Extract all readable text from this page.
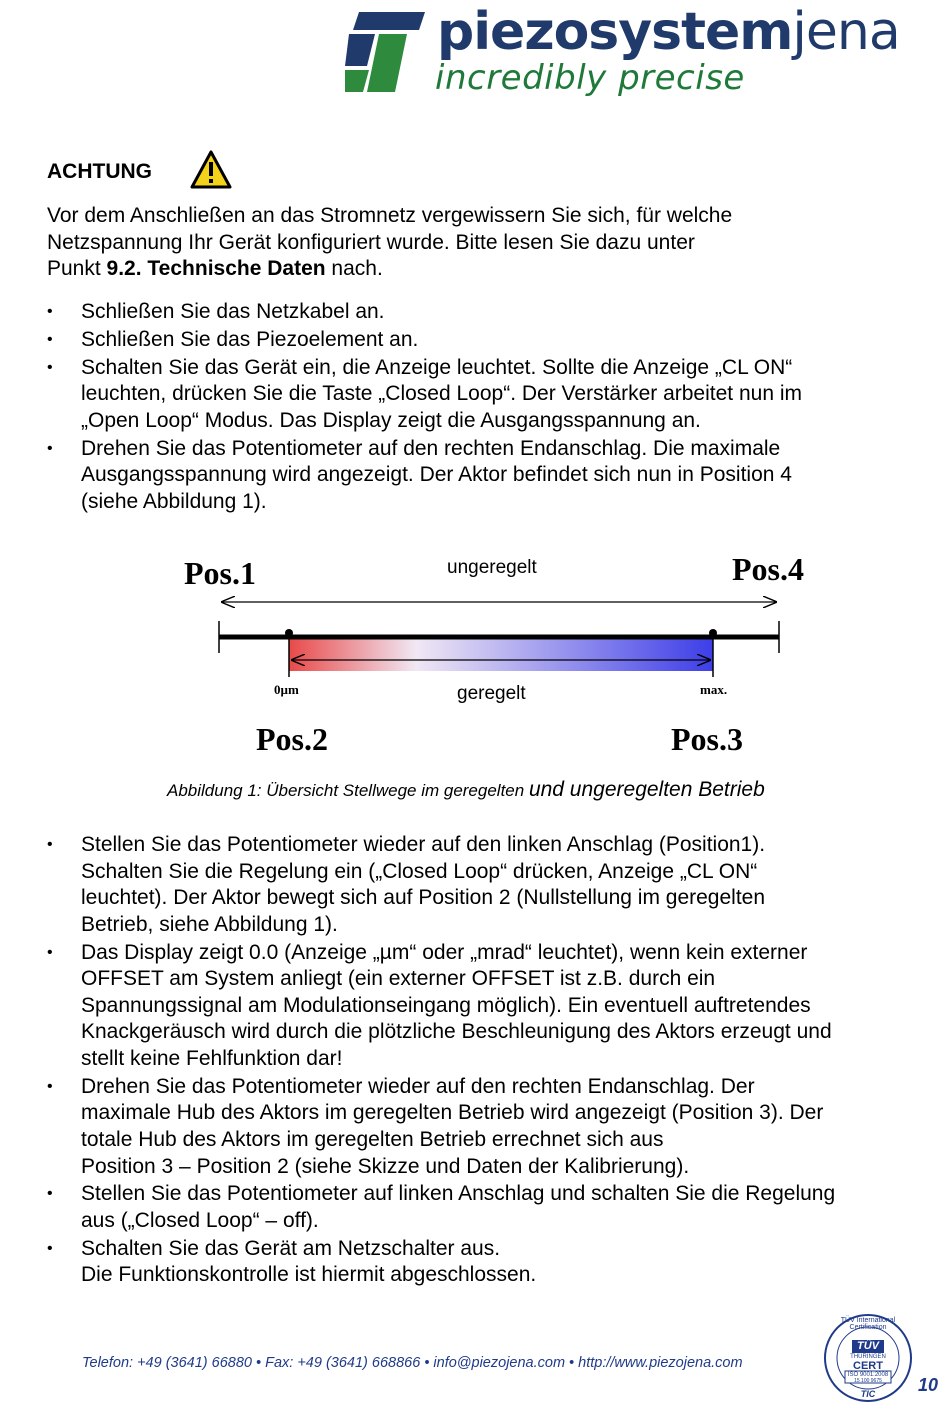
piezosystemjena
incredibly precise
ACHTUNG
Vor dem Anschließen an das Stromnetz vergewissern Sie sich, für welche
Netzspannung Ihr Gerät konfiguriert wurde. Bitte lesen Sie dazu unter
Punkt 9.2. Technische Daten nach.
• Schließen Sie das Netzkabel an.
• Schließen Sie das Piezoelement an.
• Schalten Sie das Gerät ein, die Anzeige leuchtet. Sollte die Anzeige „CL ON“
leuchten, drücken Sie die Taste „Closed Loop“. Der Verstärker arbeitet nun im
„Open Loop“ Modus. Das Display zeigt die Ausgangsspannung an.
• Drehen Sie das Potentiometer auf den rechten Endanschlag. Die maximale
Ausgangsspannung wird angezeigt. Der Aktor befindet sich nun in Position 4
(siehe Abbildung 1).
Pos.1	Pos.4
Pos.2	Pos.3
ungeregelt
geregelt
0µm	max.
Abbildung 1: Übersicht Stellwege im geregelten und ungeregelten Betrieb
• Stellen Sie das Potentiometer wieder auf den linken Anschlag (Position1).
Schalten Sie die Regelung ein („Closed Loop“ drücken, Anzeige „CL ON“
leuchtet). Der Aktor bewegt sich auf Position 2 (Nullstellung im geregelten
Betrieb, siehe Abbildung 1).
• Das Display zeigt 0.0 (Anzeige „µm“ oder „mrad“ leuchtet), wenn kein externer
OFFSET am System anliegt (ein externer OFFSET ist z.B. durch ein
Spannungssignal am Modulationseingang möglich). Ein eventuell auftretendes
Knackgeräusch wird durch die plötzliche Beschleunigung des Aktors erzeugt und
stellt keine Fehlfunktion dar!
• Drehen Sie das Potentiometer wieder auf den rechten Endanschlag. Der
maximale Hub des Aktors im geregelten Betrieb wird angezeigt (Position 3). Der
totale Hub des Aktors im geregelten Betrieb errechnet sich aus
Position 3 – Position 2 (siehe Skizze und Daten der Kalibrierung).
• Stellen Sie das Potentiometer auf linken Anschlag und schalten Sie die Regelung
aus („Closed Loop“ – off).
• Schalten Sie das Gerät am Netzschalter aus.
Die Funktionskontrolle ist hiermit abgeschlossen.
Telefon: +49 (3641) 66880 • Fax: +49 (3641) 668866 • info@piezojena.com • http://www.piezojena.com
TÜV International Certification
TÜV
THÜRINGEN
CERT
ISO 9001:2008
15 100 9675
TIC	10
